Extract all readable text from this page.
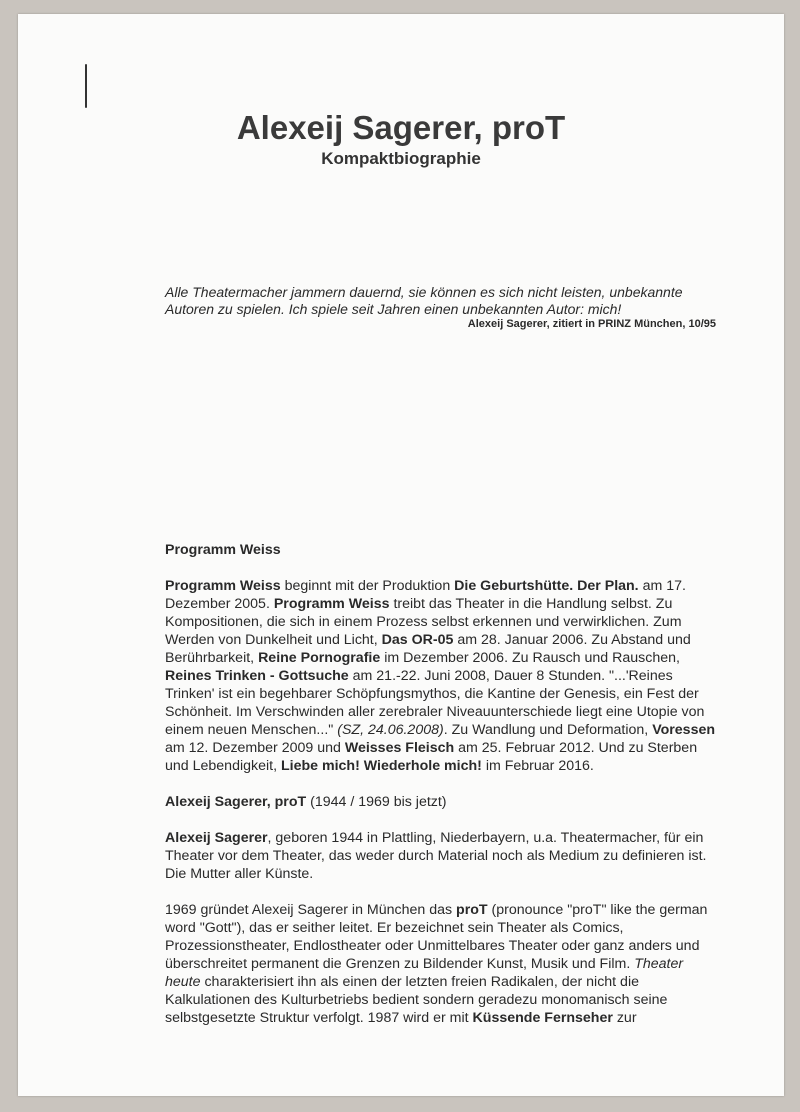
Alexeij Sagerer, proT
Kompaktbiographie

Alle Theatermacher jammern dauernd, sie können es sich nicht leisten, unbekannte Autoren zu spielen. Ich spiele seit Jahren einen unbekannten Autor: mich!

Alexeij Sagerer, zitiert in PRINZ München, 10/95
Programm Weiss

Programm Weiss beginnt mit der Produktion Die Geburtshütte. Der Plan. am 17. Dezember 2005. Programm Weiss treibt das Theater in die Handlung selbst. Zu Kompositionen, die sich in einem Prozess selbst erkennen und verwirklichen. Zum Werden von Dunkelheit und Licht, Das OR-05 am 28. Januar 2006. Zu Abstand und Berührbarkeit, Reine Pornografie im Dezember 2006. Zu Rausch und Rauschen, Reines Trinken - Gottsuche am 21.-22. Juni 2008, Dauer 8 Stunden. "...'Reines Trinken' ist ein begehbarer Schöpfungsmythos, die Kantine der Genesis, ein Fest der Schönheit. Im Verschwinden aller zerebraler Niveauunterschiede liegt eine Utopie von einem neuen Menschen..." (SZ, 24.06.2008). Zu Wandlung und Deformation, Voressen am 12. Dezember 2009 und Weisses Fleisch am 25. Februar 2012. Und zu Sterben und Lebendigkeit, Liebe mich! Wiederhole mich! im Februar 2016.

Alexeij Sagerer, proT (1944 / 1969 bis jetzt)

Alexeij Sagerer, geboren 1944 in Plattling, Niederbayern, u.a. Theatermacher, für ein Theater vor dem Theater, das weder durch Material noch als Medium zu definieren ist. Die Mutter aller Künste.

1969 gründet Alexeij Sagerer in München das proT (pronounce "proT" like the german word "Gott"), das er seither leitet. Er bezeichnet sein Theater als Comics, Prozessionstheater, Endlostheater oder Unmittelbares Theater oder ganz anders und überschreitet permanent die Grenzen zu Bildender Kunst, Musik und Film. Theater heute charakterisiert ihn als einen der letzten freien Radikalen, der nicht die Kalkulationen des Kulturbetriebs bedient sondern geradezu monomanisch seine selbstgesetzte Struktur verfolgt. 1987 wird er mit Küssende Fernseher zur
